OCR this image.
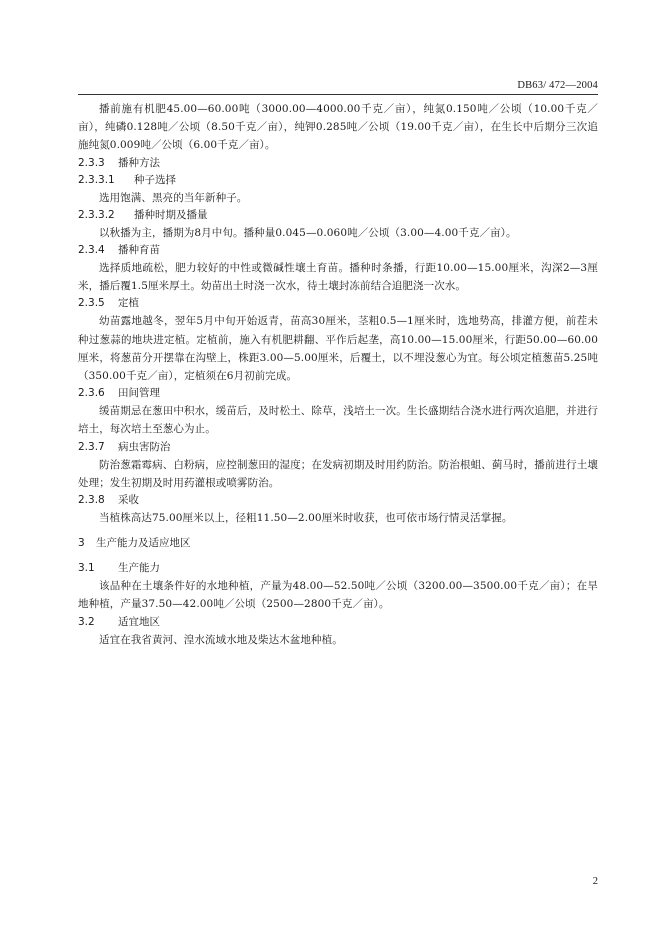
DB63/ 472—2004

播前施有机肥45.00—60.00吨（3000.00—4000.00千克／亩），纯氮0.150吨／公顷（10.00千克／亩），纯磷0.128吨／公顷（8.50千克／亩），纯钾0.285吨／公顷（19.00千克／亩），在生长中后期分三次追施纯氮0.009吨／公顷（6.00千克／亩）。

2.3.3 播种方法
2.3.3.1 种子选择

选用饱满、黑亮的当年新种子。

2.3.3.2 播种时期及播量

以秋播为主，播期为8月中旬。播种量0.045—0.060吨／公顷（3.00—4.00千克／亩）。

2.3.4 播种育苗

选择质地疏松，肥力较好的中性或微碱性壤土育苗。播种时条播，行距10.00—15.00厘米，沟深2—3厘米，播后覆1.5厘米厚土。幼苗出土时浇一次水，待土壤封冻前结合追肥浇一次水。

2.3.5 定植

幼苗露地越冬，翌年5月中旬开始返青，苗高30厘米，茎粗0.5—1厘米时，选地势高，排灌方便，前茬未种过葱蒜的地块进定植。定植前，施入有机肥耕翻、平作后起垄，高10.00—15.00厘米，行距50.00—60.00厘米，将葱苗分开摆靠在沟壁上，株距3.00—5.00厘米，后覆土，以不埋没葱心为宜。每公顷定植葱苗5.25吨（350.00千克／亩），定植须在6月初前完成。

2.3.6 田间管理

缓苗期忌在葱田中积水，缓苗后，及时松土、除草，浅培土一次。生长盛期结合浇水进行两次追肥，并进行培土，每次培土至葱心为止。

2.3.7 病虫害防治

防治葱霜霉病、白粉病，应控制葱田的湿度；在发病初期及时用约防治。防治根蛆、蓟马时，播前进行土壤处理；发生初期及时用药灌根或喷雾防治。

2.3.8 采收

当植株高达75.00厘米以上，径粗11.50—2.00厘米时收获，也可依市场行情灵活掌握。

3 生产能力及适应地区
3.1 生产能力

该品种在土壤条件好的水地种植，产量为48.00—52.50吨／公顷（3200.00—3500.00千克／亩）；在旱地种植，产量37.50—42.00吨／公顷（2500—2800千克／亩）。

3.2 适宜地区

适宜在我省黄河、湟水流域水地及柴达木盆地种植。

2
